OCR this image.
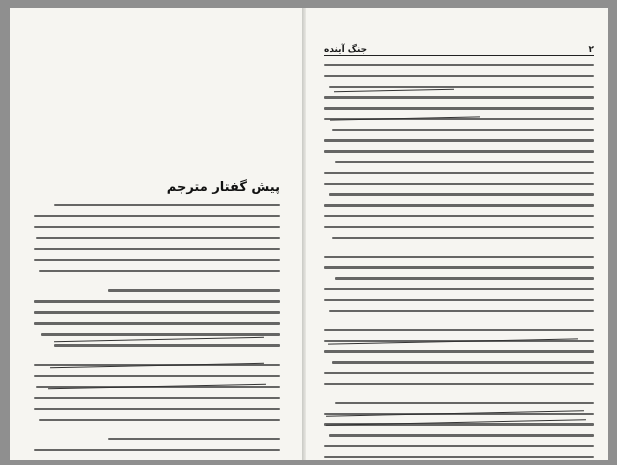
پیش گفتار مترجم
۲
جنگ آینده
